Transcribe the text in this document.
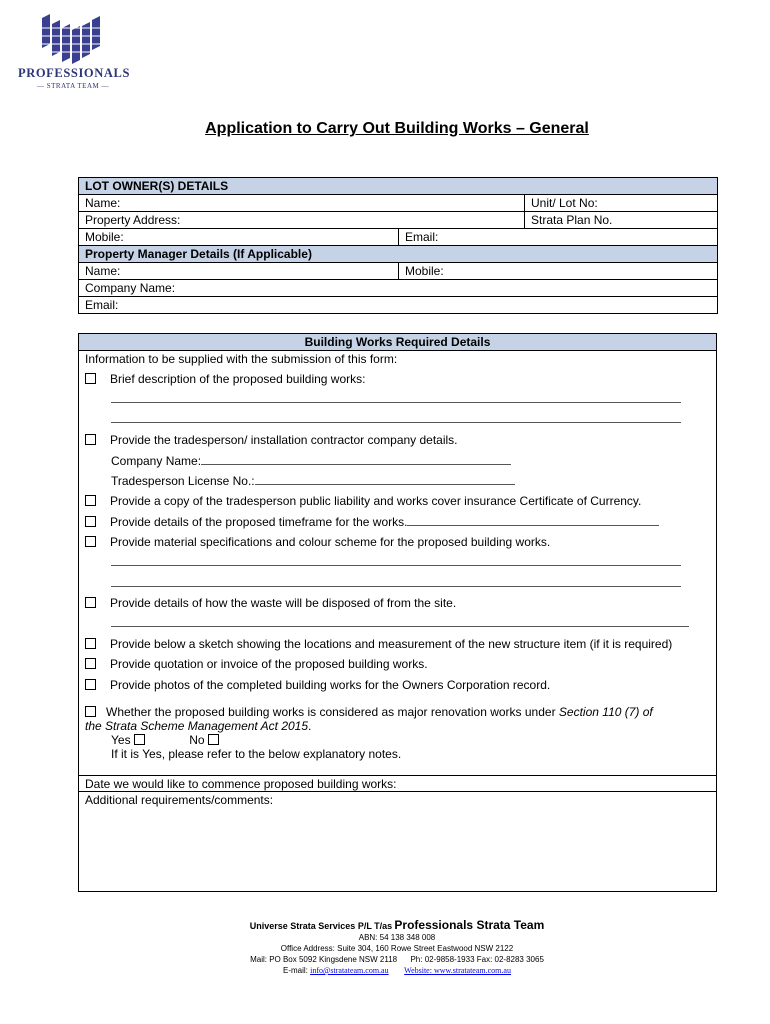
PROFESSIONALS
— STRATA TEAM —
Application to Carry Out Building Works – General
LOT OWNER(S) DETAILS		
Name:		Unit/ Lot No:
Property Address:		Strata Plan No.
Mobile:	Email:	
Property Manager Details (If Applicable)		
Name:	Mobile:	
Company Name:		
Email:		
Building Works Required Details
Information to be supplied with the submission of this form:
Brief description of the proposed building works:
Provide the tradesperson/ installation contractor company details.
Company Name:
Tradesperson License No.:
Provide a copy of the tradesperson public liability and works cover insurance Certificate of Currency.
Provide details of the proposed timeframe for the works.
Provide material specifications and colour scheme for the proposed building works.
Provide details of how the waste will be disposed of from the site.
Provide below a sketch showing the locations and measurement of the new structure item (if it is required)
Provide quotation or invoice of the proposed building works.
Provide photos of the completed building works for the Owners Corporation record.
Whether the proposed building works is considered as major renovation works under Section 110 (7) of
the Strata Scheme Management Act 2015.
Yes	No
If it is Yes, please refer to the below explanatory notes.
Date we would like to commence proposed building works:
Additional requirements/comments:
Universe Strata Services P/L T/as Professionals Strata Team
ABN: 54 138 348 008
Office Address: Suite 304, 160 Rowe Street Eastwood NSW 2122
Mail: PO Box 5092 Kingsdene NSW 2118 Ph: 02-9858-1933 Fax: 02-8283 3065
E-mail: info@stratateam.com.au Website: www.stratateam.com.au
